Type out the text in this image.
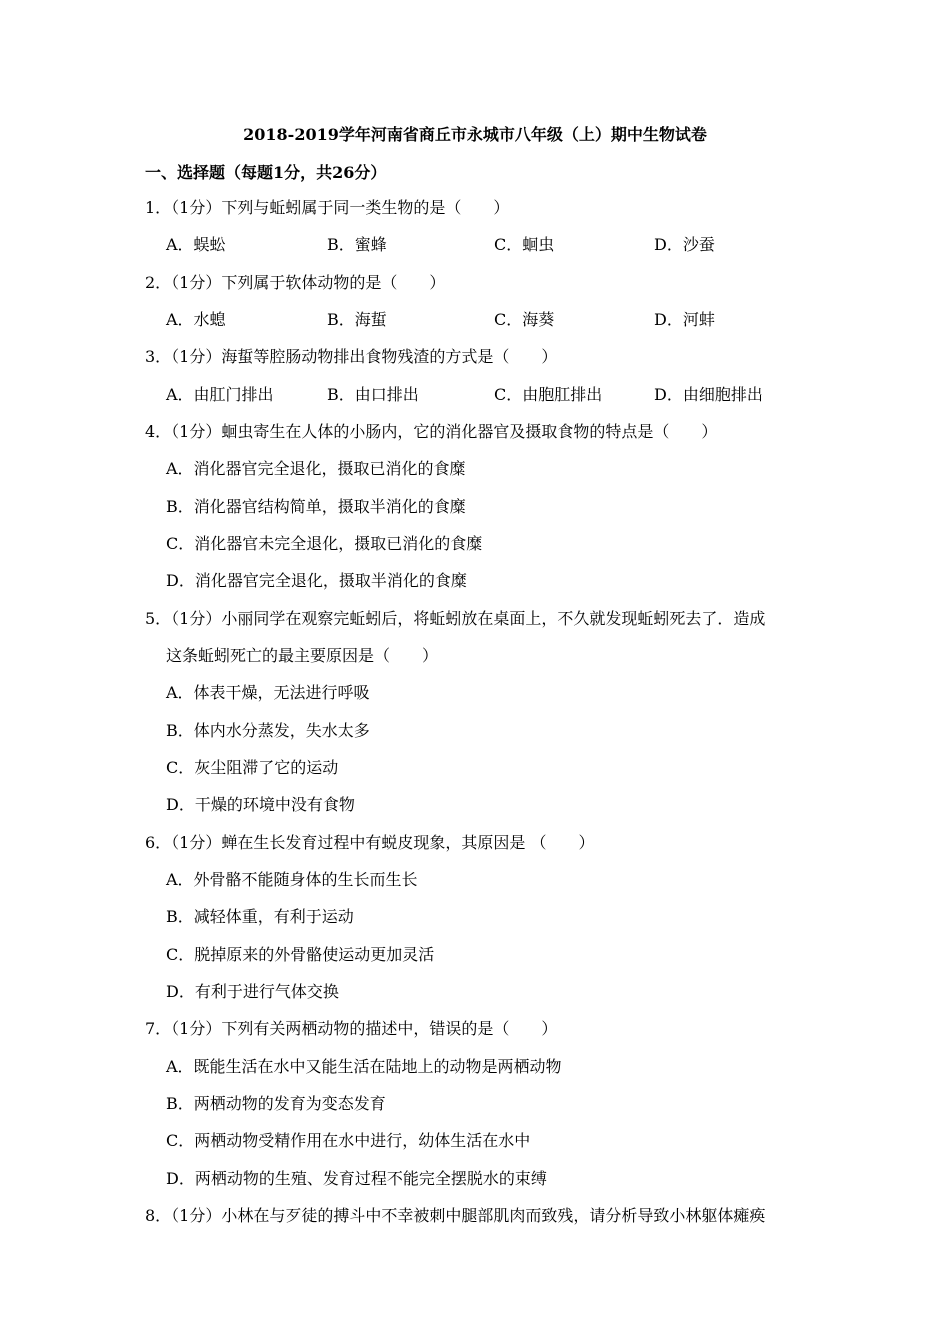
2018-2019学年河南省商丘市永城市八年级（上）期中生物试卷
一、选择题（每题1分，共26分）
1．（1分）下列与蚯蚓属于同一类生物的是（　　）
A．蜈蚣	B．蜜蜂	C．蛔虫	D．沙蚕
2．（1分）下列属于软体动物的是（　　）
A．水螅	B．海蜇	C．海葵	D．河蚌
3．（1分）海蜇等腔肠动物排出食物残渣的方式是（　　）
A．由肛门排出	B．由口排出	C．由胞肛排出	D．由细胞排出
4．（1分）蛔虫寄生在人体的小肠内，它的消化器官及摄取食物的特点是（　　）
A．消化器官完全退化，摄取已消化的食糜
B．消化器官结构简单，摄取半消化的食糜
C．消化器官未完全退化，摄取已消化的食糜
D．消化器官完全退化，摄取半消化的食糜
5．（1分）小丽同学在观察完蚯蚓后，将蚯蚓放在桌面上，不久就发现蚯蚓死去了．造成
这条蚯蚓死亡的最主要原因是（　　）
A．体表干燥，无法进行呼吸
B．体内水分蒸发，失水太多
C．灰尘阻滞了它的运动
D．干燥的环境中没有食物
6．（1分）蝉在生长发育过程中有蜕皮现象，其原因是 （　　）
A．外骨骼不能随身体的生长而生长
B．减轻体重，有利于运动
C．脱掉原来的外骨骼使运动更加灵活
D．有利于进行气体交换
7．（1分）下列有关两栖动物的描述中，错误的是（　　）
A．既能生活在水中又能生活在陆地上的动物是两栖动物
B．两栖动物的发育为变态发育
C．两栖动物受精作用在水中进行，幼体生活在水中
D．两栖动物的生殖、发育过程不能完全摆脱水的束缚
8．（1分）小林在与歹徒的搏斗中不幸被刺中腿部肌肉而致残，请分析导致小林躯体瘫痪
